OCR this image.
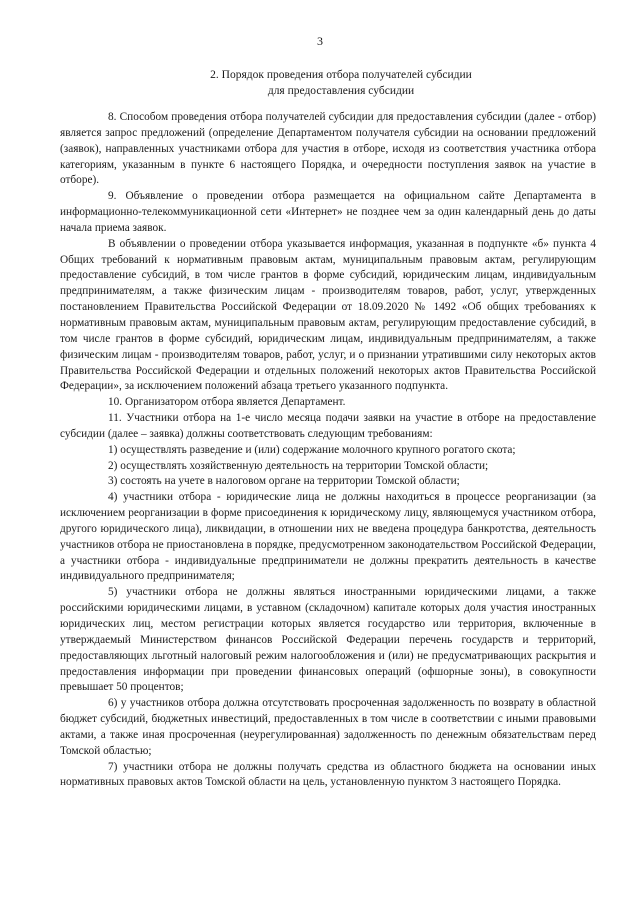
3
2. Порядок проведения отбора получателей субсидии
для предоставления субсидии

8. Способом проведения отбора получателей субсидии для предоставления субсидии (далее - отбор) является запрос предложений (определение Департаментом получателя субсидии на основании предложений (заявок), направленных участниками отбора для участия в отборе, исходя из соответствия участника отбора категориям, указанным в пункте 6 настоящего Порядка, и очередности поступления заявок на участие в отборе).

9. Объявление о проведении отбора размещается на официальном сайте Департамента в информационно-телекоммуникационной сети «Интернет» не позднее чем за один календарный день до даты начала приема заявок.

В объявлении о проведении отбора указывается информация, указанная в подпункте «б» пункта 4 Общих требований к нормативным правовым актам, муниципальным правовым актам, регулирующим предоставление субсидий, в том числе грантов в форме субсидий, юридическим лицам, индивидуальным предпринимателям, а также физическим лицам - производителям товаров, работ, услуг, утвержденных постановлением Правительства Российской Федерации от 18.09.2020 № 1492 «Об общих требованиях к нормативным правовым актам, муниципальным правовым актам, регулирующим предоставление субсидий, в том числе грантов в форме субсидий, юридическим лицам, индивидуальным предпринимателям, а также физическим лицам - производителям товаров, работ, услуг, и о признании утратившими силу некоторых актов Правительства Российской Федерации и отдельных положений некоторых актов Правительства Российской Федерации», за исключением положений абзаца третьего указанного подпункта.

10. Организатором отбора является Департамент.

11. Участники отбора на 1-е число месяца подачи заявки на участие в отборе на предоставление субсидии (далее – заявка) должны соответствовать следующим требованиям:

1) осуществлять разведение и (или) содержание молочного крупного рогатого скота;

2) осуществлять хозяйственную деятельность на территории Томской области;

3) состоять на учете в налоговом органе на территории Томской области;

4) участники отбора - юридические лица не должны находиться в процессе реорганизации (за исключением реорганизации в форме присоединения к юридическому лицу, являющемуся участником отбора, другого юридического лица), ликвидации, в отношении них не введена процедура банкротства, деятельность участников отбора не приостановлена в порядке, предусмотренном законодательством Российской Федерации, а участники отбора - индивидуальные предприниматели не должны прекратить деятельность в качестве индивидуального предпринимателя;

5) участники отбора не должны являться иностранными юридическими лицами, а также российскими юридическими лицами, в уставном (складочном) капитале которых доля участия иностранных юридических лиц, местом регистрации которых является государство или территория, включенные в утверждаемый Министерством финансов Российской Федерации перечень государств и территорий, предоставляющих льготный налоговый режим налогообложения и (или) не предусматривающих раскрытия и предоставления информации при проведении финансовых операций (офшорные зоны), в совокупности превышает 50 процентов;

6) у участников отбора должна отсутствовать просроченная задолженность по возврату в областной бюджет субсидий, бюджетных инвестиций, предоставленных в том числе в соответствии с иными правовыми актами, а также иная просроченная (неурегулированная) задолженность по денежным обязательствам перед Томской областью;

7) участники отбора не должны получать средства из областного бюджета на основании иных нормативных правовых актов Томской области на цель, установленную пунктом 3 настоящего Порядка.
